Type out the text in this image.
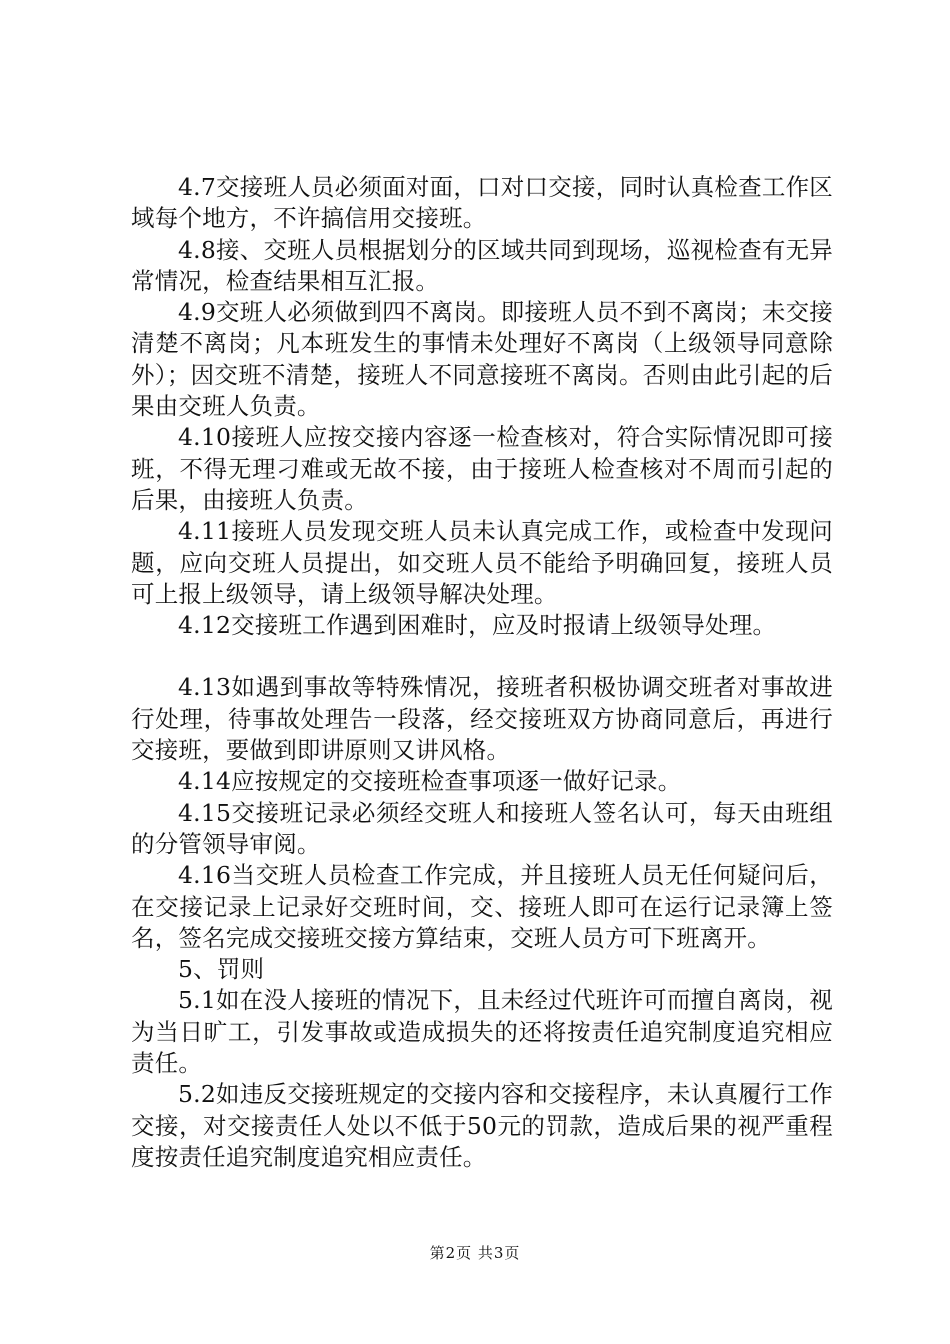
4.7交接班人员必须面对面，口对口交接，同时认真检查工作区域每个地方，不许搞信用交接班。

4.8接、交班人员根据划分的区域共同到现场，巡视检查有无异常情况，检查结果相互汇报。

4.9交班人必须做到四不离岗。即接班人员不到不离岗；未交接清楚不离岗；凡本班发生的事情未处理好不离岗（上级领导同意除外）；因交班不清楚，接班人不同意接班不离岗。否则由此引起的后果由交班人负责。

4.10接班人应按交接内容逐一检查核对，符合实际情况即可接班，不得无理刁难或无故不接，由于接班人检查核对不周而引起的后果，由接班人负责。

4.11接班人员发现交班人员未认真完成工作，或检查中发现问题，应向交班人员提出，如交班人员不能给予明确回复，接班人员可上报上级领导，请上级领导解决处理。

4.12交接班工作遇到困难时，应及时报请上级领导处理。

4.13如遇到事故等特殊情况，接班者积极协调交班者对事故进行处理，待事故处理告一段落，经交接班双方协商同意后，再进行交接班，要做到即讲原则又讲风格。

4.14应按规定的交接班检查事项逐一做好记录。

4.15交接班记录必须经交班人和接班人签名认可，每天由班组的分管领导审阅。

4.16当交班人员检查工作完成，并且接班人员无任何疑问后，在交接记录上记录好交班时间，交、接班人即可在运行记录簿上签名，签名完成交接班交接方算结束，交班人员方可下班离开。

5、罚则

5.1如在没人接班的情况下，且未经过代班许可而擅自离岗，视为当日旷工，引发事故或造成损失的还将按责任追究制度追究相应责任。

5.2如违反交接班规定的交接内容和交接程序，未认真履行工作交接，对交接责任人处以不低于50元的罚款，造成后果的视严重程度按责任追究制度追究相应责任。

第2页 共3页
